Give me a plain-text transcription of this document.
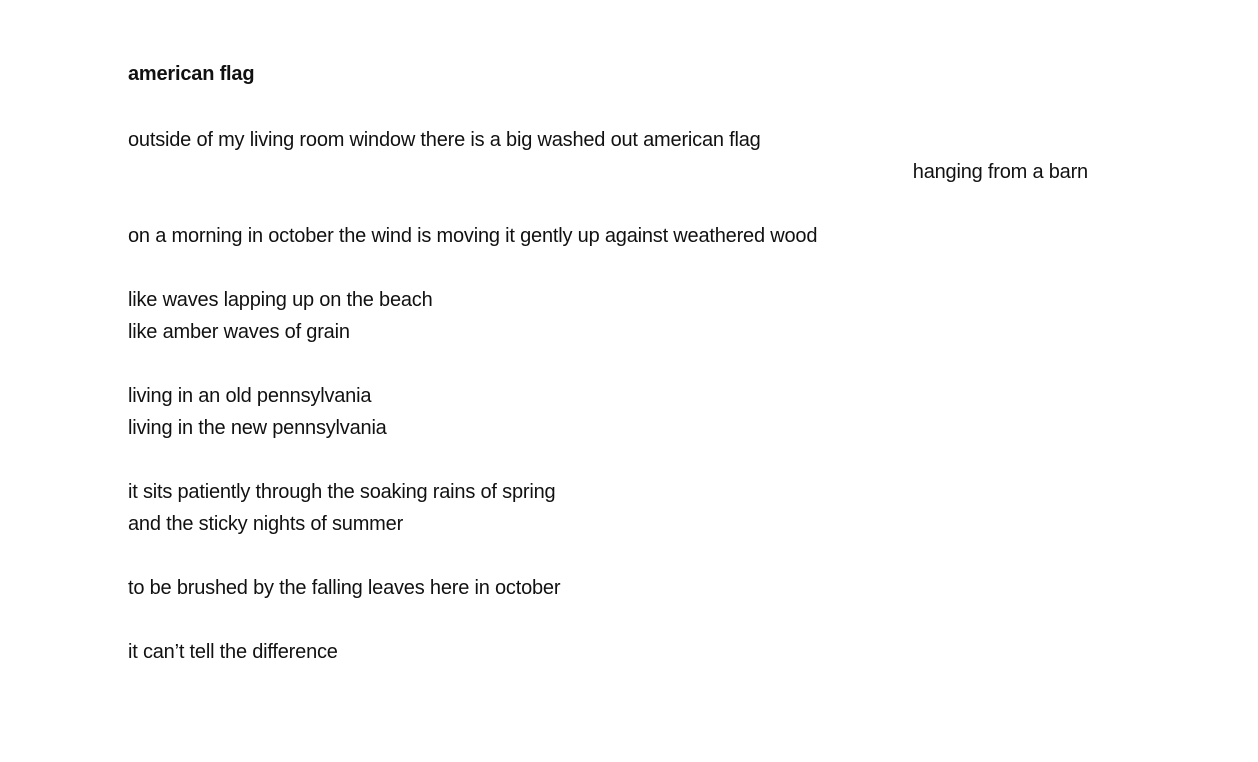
american flag
outside of my living room window there is a big washed out american flag
hanging from a barn
on a morning in october the wind is moving it gently up against weathered wood
like waves lapping up on the beach
like amber waves of grain
living in an old pennsylvania
living in the new pennsylvania
it sits patiently through the soaking rains of spring
and the sticky nights of summer
to be brushed by the falling leaves here in october
it can’t tell the difference
